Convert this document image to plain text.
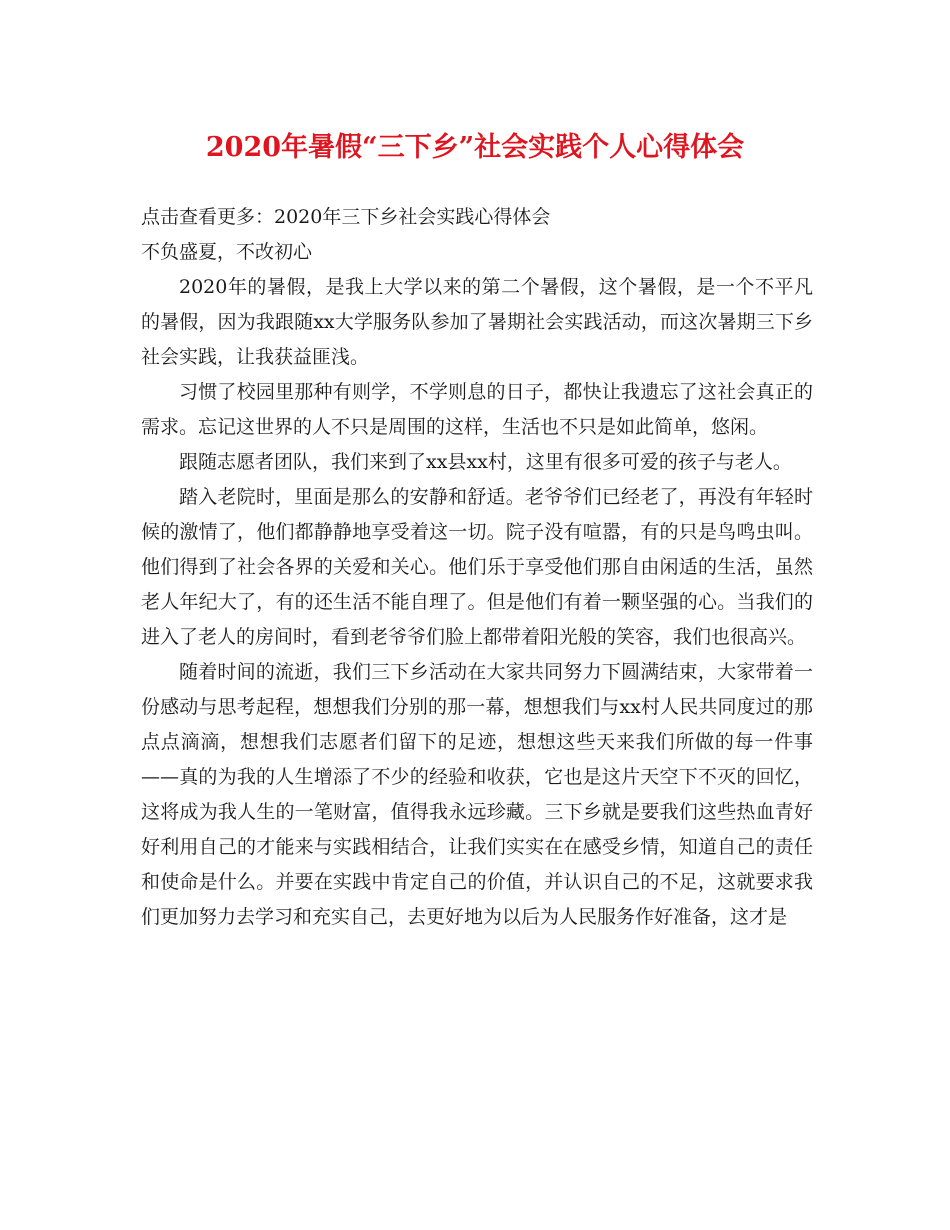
2020年暑假“三下乡”社会实践个人心得体会

点击查看更多：2020年三下乡社会实践心得体会

不负盛夏，不改初心

2020年的暑假，是我上大学以来的第二个暑假，这个暑假，是一个不平凡的暑假，因为我跟随xx大学服务队参加了暑期社会实践活动，而这次暑期三下乡社会实践，让我获益匪浅。

习惯了校园里那种有则学，不学则息的日子，都快让我遗忘了这社会真正的需求。忘记这世界的人不只是周围的这样，生活也不只是如此简单，悠闲。

跟随志愿者团队，我们来到了xx县xx村，这里有很多可爱的孩子与老人。

踏入老院时，里面是那么的安静和舒适。老爷爷们已经老了，再没有年轻时候的激情了，他们都静静地享受着这一切。院子没有喧嚣，有的只是鸟鸣虫叫。他们得到了社会各界的关爱和关心。他们乐于享受他们那自由闲适的生活，虽然老人年纪大了，有的还生活不能自理了。但是他们有着一颗坚强的心。当我们的进入了老人的房间时，看到老爷爷们脸上都带着阳光般的笑容，我们也很高兴。

随着时间的流逝，我们三下乡活动在大家共同努力下圆满结束，大家带着一份感动与思考起程，想想我们分别的那一幕，想想我们与xx村人民共同度过的那点点滴滴，想想我们志愿者们留下的足迹，想想这些天来我们所做的每一件事——真的为我的人生增添了不少的经验和收获，它也是这片天空下不灭的回忆，这将成为我人生的一笔财富，值得我永远珍藏。三下乡就是要我们这些热血青好好利用自己的才能来与实践相结合，让我们实实在在感受乡情，知道自己的责任和使命是什么。并要在实践中肯定自己的价值，并认识自己的不足，这就要求我们更加努力去学习和充实自己，去更好地为以后为人民服务作好准备，这才是
